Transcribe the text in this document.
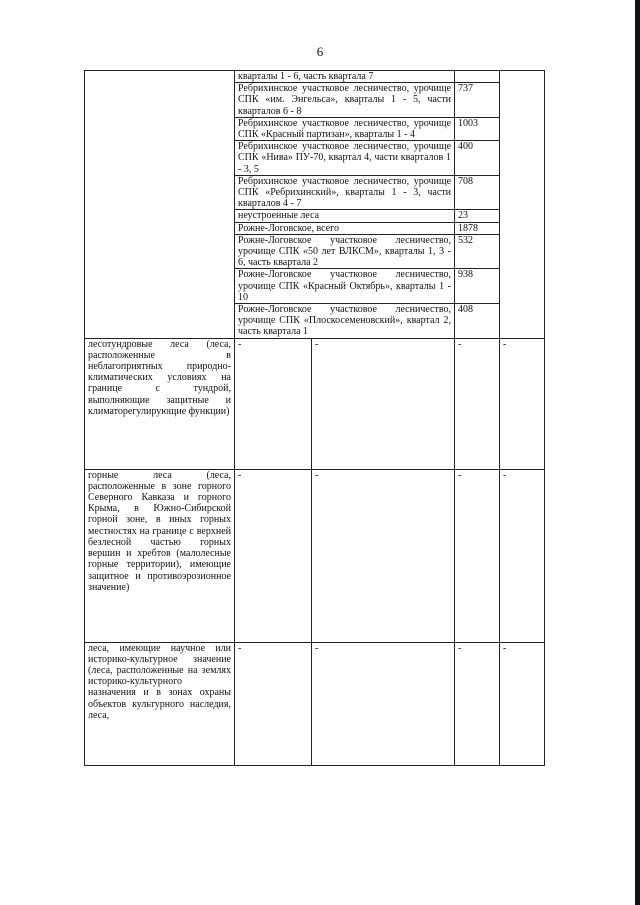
6
	кварталы 1 - 6, часть квартала 7			
	Ребрихинское участковое лесничество, урочище СПК «им. Энгельса», кварталы 1 - 5, части кварталов 6 - 8		737	
	Ребрихинское участковое лесничество, урочище СПК «Красный партизан», кварталы 1 - 4		1003	
	Ребрихинское участковое лесничество, урочище СПК «Нива» ПУ-70, квартал 4, части кварталов 1 - 3, 5		400	
	Ребрихинское участковое лесничество, урочище СПК «Ребрихинский», кварталы 1 - 3, части кварталов 4 - 7		708	
	неустроенные леса		23	
	Рожне-Логовское, всего		1878	
	Рожне-Логовское участковое лесничество, урочище СПК «50 лет ВЛКСМ», кварталы 1, 3 - 6, часть квартала 2		532	
	Рожне-Логовское участковое лесничество, урочище СПК «Красный Октябрь», кварталы 1 - 10		938	
	Рожне-Логовское участковое лесничество, урочище СПК «Плоскосеменовский», квартал 2, часть квартала 1		408	
лесотундровые леса (леса, расположенные в неблагоприятных природно-климатических условиях на границе с тундрой, выполняющие защитные и климаторегулирующие функции)	-	-	-	-
горные леса (леса, расположенные в зоне горного Северного Кавказа и горного Крыма, в Южно-Сибирской горной зоне, в иных горных местностях на границе с верхней безлесной частью горных вершин и хребтов (малолесные горные территории), имеющие защитное и противоэрозионное значение)	-	-	-	-
леса, имеющие научное или историко-культурное значение (леса, расположенные на землях историко-культурного назначения и в зонах охраны объектов культурного наследия, леса,	-	-	-	-
